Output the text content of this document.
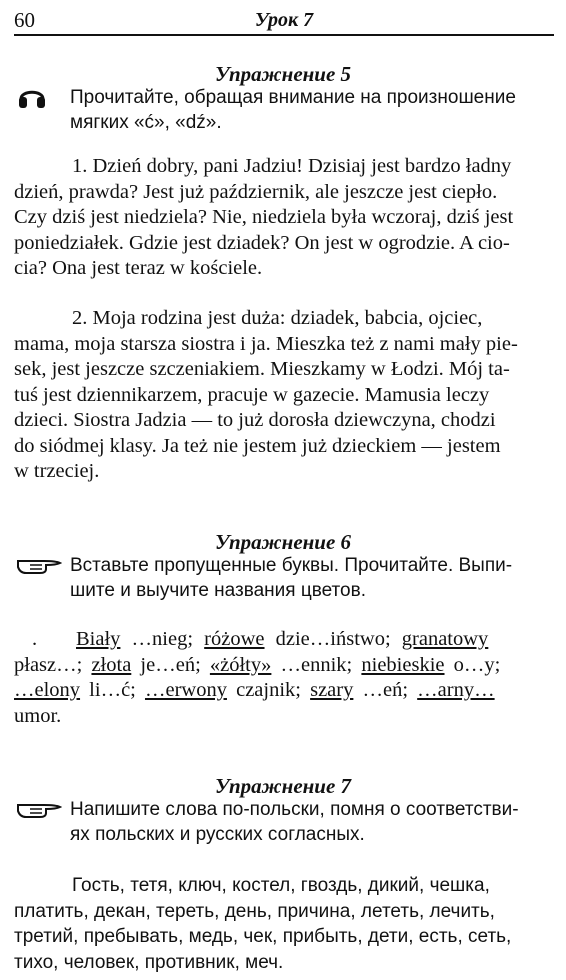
60	Урок 7
Упражнение 5
Прочитайте, обращая внимание на произношение
мягких «ć», «dź».
1. Dzień dobry, pani Jadziu! Dzisiaj jest bardzo ładny
dzień, prawda? Jest już październik, ale jeszcze jest ciepło.
Czy dziś jest niedziela? Nie, niedziela była wczoraj, dziś jest
poniedziałek. Gdzie jest dziadek? On jest w ogrodzie. A cio-
cia? Ona jest teraz w kościele.
2. Moja rodzina jest duża: dziadek, babcia, ojciec,
mama, moja starsza siostra i ja. Mieszka też z nami mały pie-
sek, jest jeszcze szczeniakiem. Mieszkamy w Łodzi. Mój ta-
tuś jest dziennikarzem, pracuje w gazecie. Mamusia leczy
dzieci. Siostra Jadzia — to już dorosła dziewczyna, chodzi
do siódmej klasy. Ja też nie jestem już dzieckiem — jestem
w trzeciej.
Упражнение 6
Вставьте пропущенные буквы. Прочитайте. Выпи-
шите и выучите названия цветов.
. Biały …nieg; różowe dzie…iństwo; granatowy
płasz…; złota je…eń; «żółty» …ennik; niebieskie o…y;
…elony li…ć; …erwony czajnik; szary …eń; …arny…
umor.
Упражнение 7
Напишите слова по-польски, помня о соответстви-
ях польских и русских согласных.
Гость, тетя, ключ, костел, гвоздь, дикий, чешка,
платить, декан, тереть, день, причина, лететь, лечить,
третий, пребывать, медь, чек, прибыть, дети, есть, сеть,
тихо, человек, противник, меч.
